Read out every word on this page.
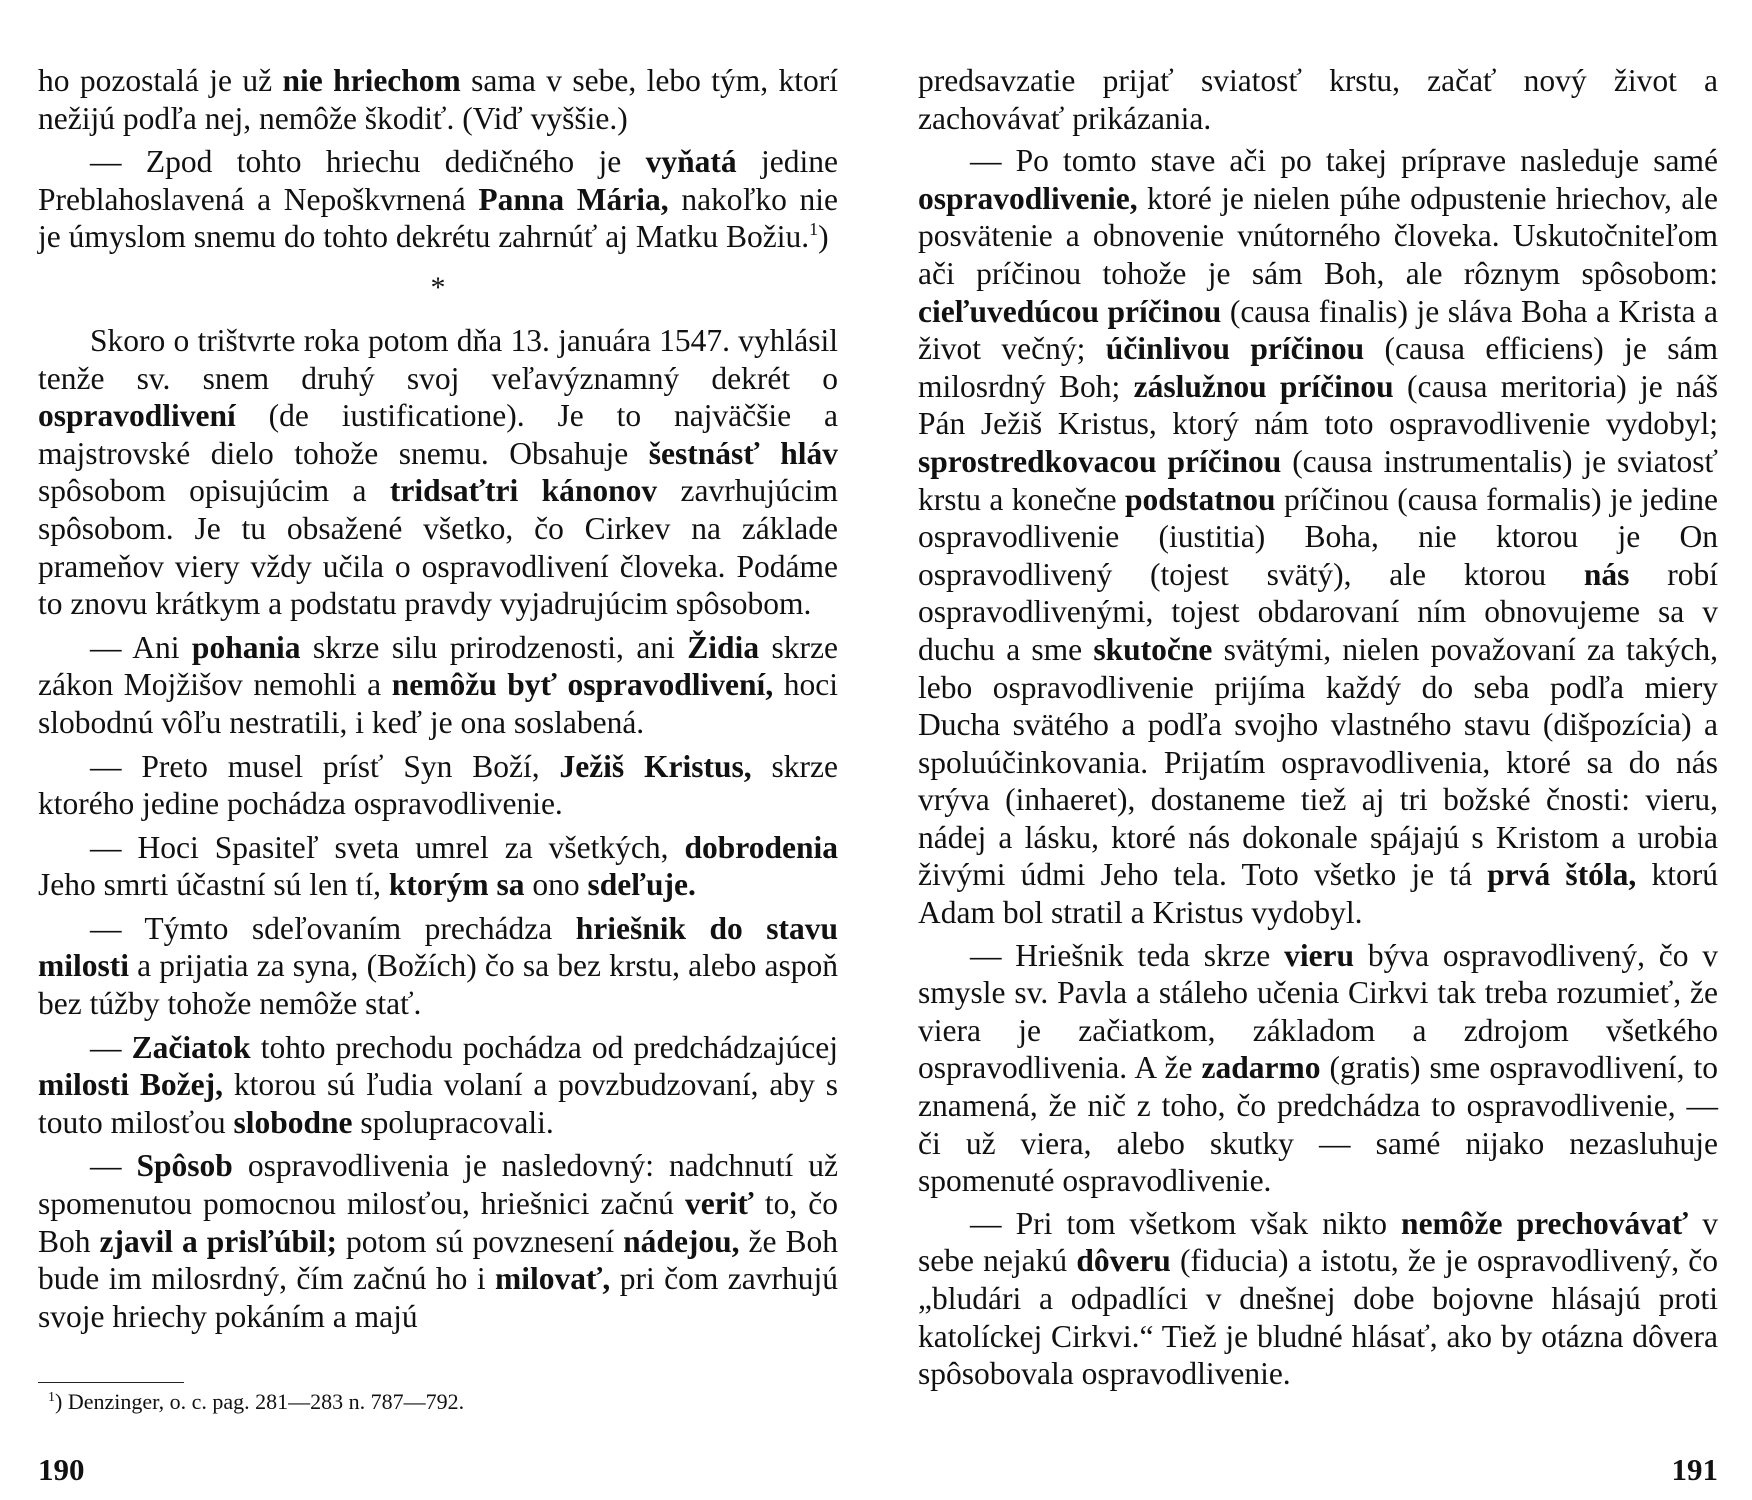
ho pozostalá je už nie hriechom sama v sebe, lebo tým, ktorí nežijú podľa nej, nemôže škodiť. (Viď vyššie.)

— Zpod tohto hriechu dedičného je vyňatá jedine Preblahoslavená a Nepoškvrnená Panna Mária, nakoľko nie je úmyslom snemu do tohto dekrétu zahrnúť aj Matku Božiu.$^1$)

*

Skoro o trištvrte roka potom dňa 13. januára 1547. vyhlásil tenže sv. snem druhý svoj veľavýznamný dekrét o ospravodlivení (de iustificatione). Je to najväčšie a majstrovské dielo tohože snemu. Obsahuje šestnásť hláv spôsobom opisujúcim a tridsaťtri kánonov zavrhujúcim spôsobom. Je tu obsažené všetko, čo Cirkev na základe prameňov viery vždy učila o ospravodlivení človeka. Podáme to znovu krátkym a podstatu pravdy vyjadrujúcim spôsobom.

— Ani pohania skrze silu prirodzenosti, ani Židia skrze zákon Mojžišov nemohli a nemôžu byť ospravodlivení, hoci slobodnú vôľu nestratili, i keď je ona soslabená.

— Preto musel prísť Syn Boží, Ježiš Kristus, skrze ktorého jedine pochádza ospravodlivenie.

— Hoci Spasiteľ sveta umrel za všetkých, dobrodenia Jeho smrti účastní sú len tí, ktorým sa ono sdeľuje.

— Týmto sdeľovaním prechádza hriešnik do stavu milosti a prijatia za syna, (Božích) čo sa bez krstu, alebo aspoň bez túžby tohože nemôže stať.

— Začiatok tohto prechodu pochádza od predchádzajúcej milosti Božej, ktorou sú ľudia volaní a povzbudzovaní, aby s touto milosťou slobodne spolupracovali.

— Spôsob ospravodlivenia je nasledovný: nadchnutí už spomenutou pomocnou milosťou, hriešnici začnú veriť to, čo Boh zjavil a prisľúbil; potom sú povznesení nádejou, že Boh bude im milosrdný, čím začnú ho i milovať, pri čom zavrhujú svoje hriechy pokáním a majú

$^1$) Denzinger, o. c. pag. 281—283 n. 787—792.
190

predsavzatie prijať sviatosť krstu, začať nový život a zachovávať prikázania.

— Po tomto stave ači po takej príprave nasleduje samé ospravodlivenie, ktoré je nielen púhe odpustenie hriechov, ale posvätenie a obnovenie vnútorného človeka. Uskutočniteľom ači príčinou tohože je sám Boh, ale rôznym spôsobom: cieľuvedúcou príčinou (causa finalis) je sláva Boha a Krista a život večný; účinlivou príčinou (causa efficiens) je sám milosrdný Boh; záslužnou príčinou (causa meritoria) je náš Pán Ježiš Kristus, ktorý nám toto ospravodlivenie vydobyl; sprostredkovacou príčinou (causa instrumentalis) je sviatosť krstu a konečne podstatnou príčinou (causa formalis) je jedine ospravodlivenie (iustitia) Boha, nie ktorou je On ospravodlivený (tojest svätý), ale ktorou nás robí ospravodlivenými, tojest obdarovaní ním obnovujeme sa v duchu a sme skutočne svätými, nielen považovaní za takých, lebo ospravodlivenie prijíma každý do seba podľa miery Ducha svätého a podľa svojho vlastného stavu (dišpozícia) a spoluúčinkovania. Prijatím ospravodlivenia, ktoré sa do nás vrýva (inhaeret), dostaneme tiež aj tri božské čnosti: vieru, nádej a lásku, ktoré nás dokonale spájajú s Kristom a urobia živými údmi Jeho tela. Toto všetko je tá prvá štóla, ktorú Adam bol stratil a Kristus vydobyl.

— Hriešnik teda skrze vieru býva ospravodlivený, čo v smysle sv. Pavla a stáleho učenia Cirkvi tak treba rozumieť, že viera je začiatkom, základom a zdrojom všetkého ospravodlivenia. A že zadarmo (gratis) sme ospravodlivení, to znamená, že nič z toho, čo predchádza to ospravodlivenie, — či už viera, alebo skutky — samé nijako nezasluhuje spomenuté ospravodlivenie.

— Pri tom všetkom však nikto nemôže prechovávať v sebe nejakú dôveru (fiducia) a istotu, že je ospravodlivený, čo „bludári a odpadlíci v dnešnej dobe bojovne hlásajú proti katolíckej Cirkvi.“ Tiež je bludné hlásať, ako by otázna dôvera spôsobovala ospravodlivenie.

191
